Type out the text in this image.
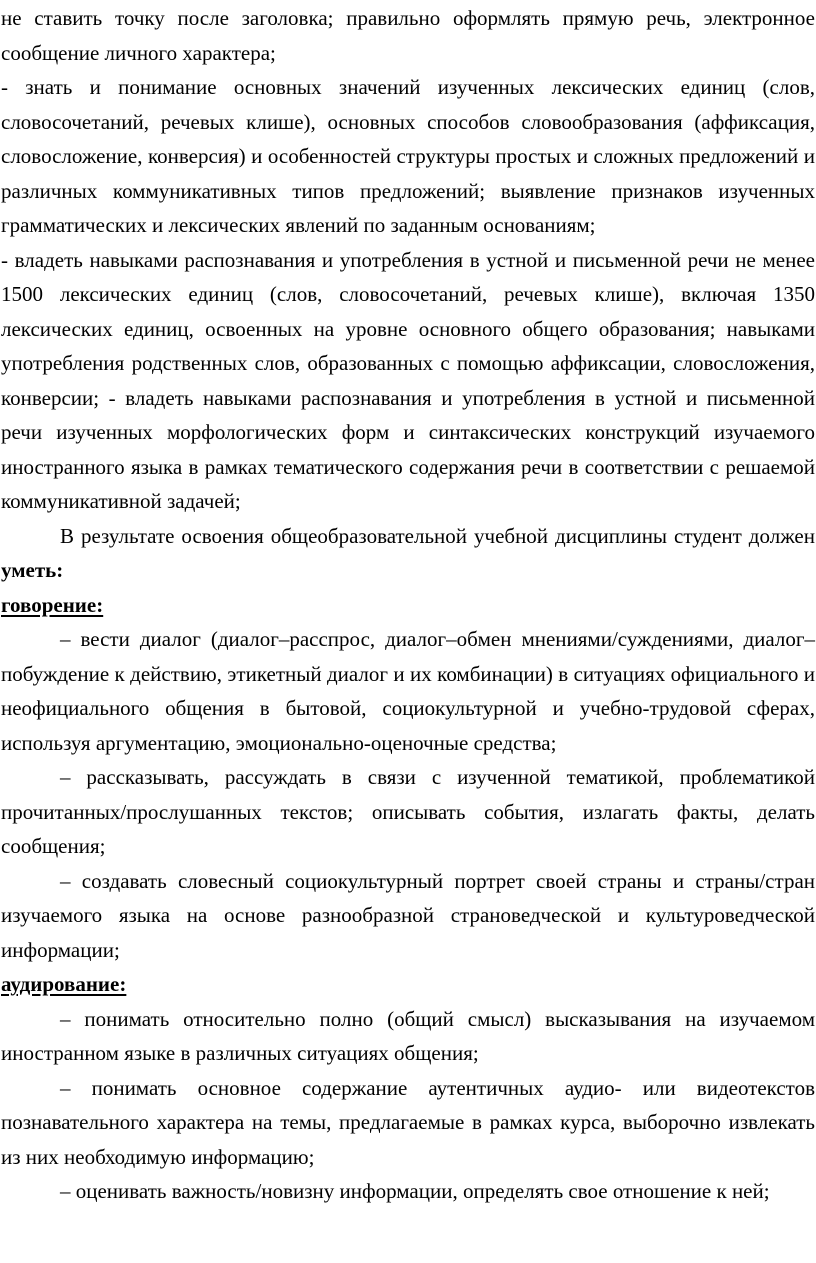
не ставить точку после заголовка; правильно оформлять прямую речь, электронное сообщение личного характера;

- знать и понимание основных значений изученных лексических единиц (слов, словосочетаний, речевых клише), основных способов словообразования (аффиксация, словосложение, конверсия) и особенностей структуры простых и сложных предложений и различных коммуникативных типов предложений; выявление признаков изученных грамматических и лексических явлений по заданным основаниям;

- владеть навыками распознавания и употребления в устной и письменной речи не менее 1500 лексических единиц (слов, словосочетаний, речевых клише), включая 1350 лексических единиц, освоенных на уровне основного общего образования; навыками употребления родственных слов, образованных с помощью аффиксации, словосложения, конверсии; - владеть навыками распознавания и употребления в устной и письменной речи изученных морфологических форм и синтаксических конструкций изучаемого иностранного языка в рамках тематического содержания речи в соответствии с решаемой коммуникативной задачей;

В результате освоения общеобразовательной учебной дисциплины студент должен уметь:

говорение:

– вести диалог (диалог–расспрос, диалог–обмен мнениями/суждениями, диалог–побуждение к действию, этикетный диалог и их комбинации) в ситуациях официального и неофициального общения в бытовой, социокультурной и учебно-трудовой сферах, используя аргументацию, эмоционально-оценочные средства;

– рассказывать, рассуждать в связи с изученной тематикой, проблематикой прочитанных/прослушанных текстов; описывать события, излагать факты, делать сообщения;

– создавать словесный социокультурный портрет своей страны и страны/стран изучаемого языка на основе разнообразной страноведческой и культуроведческой информации;

аудирование:

– понимать относительно полно (общий смысл) высказывания на изучаемом иностранном языке в различных ситуациях общения;

– понимать основное содержание аутентичных аудио- или видеотекстов познавательного характера на темы, предлагаемые в рамках курса, выборочно извлекать из них необходимую информацию;

– оценивать важность/новизну информации, определять свое отношение к ней;
